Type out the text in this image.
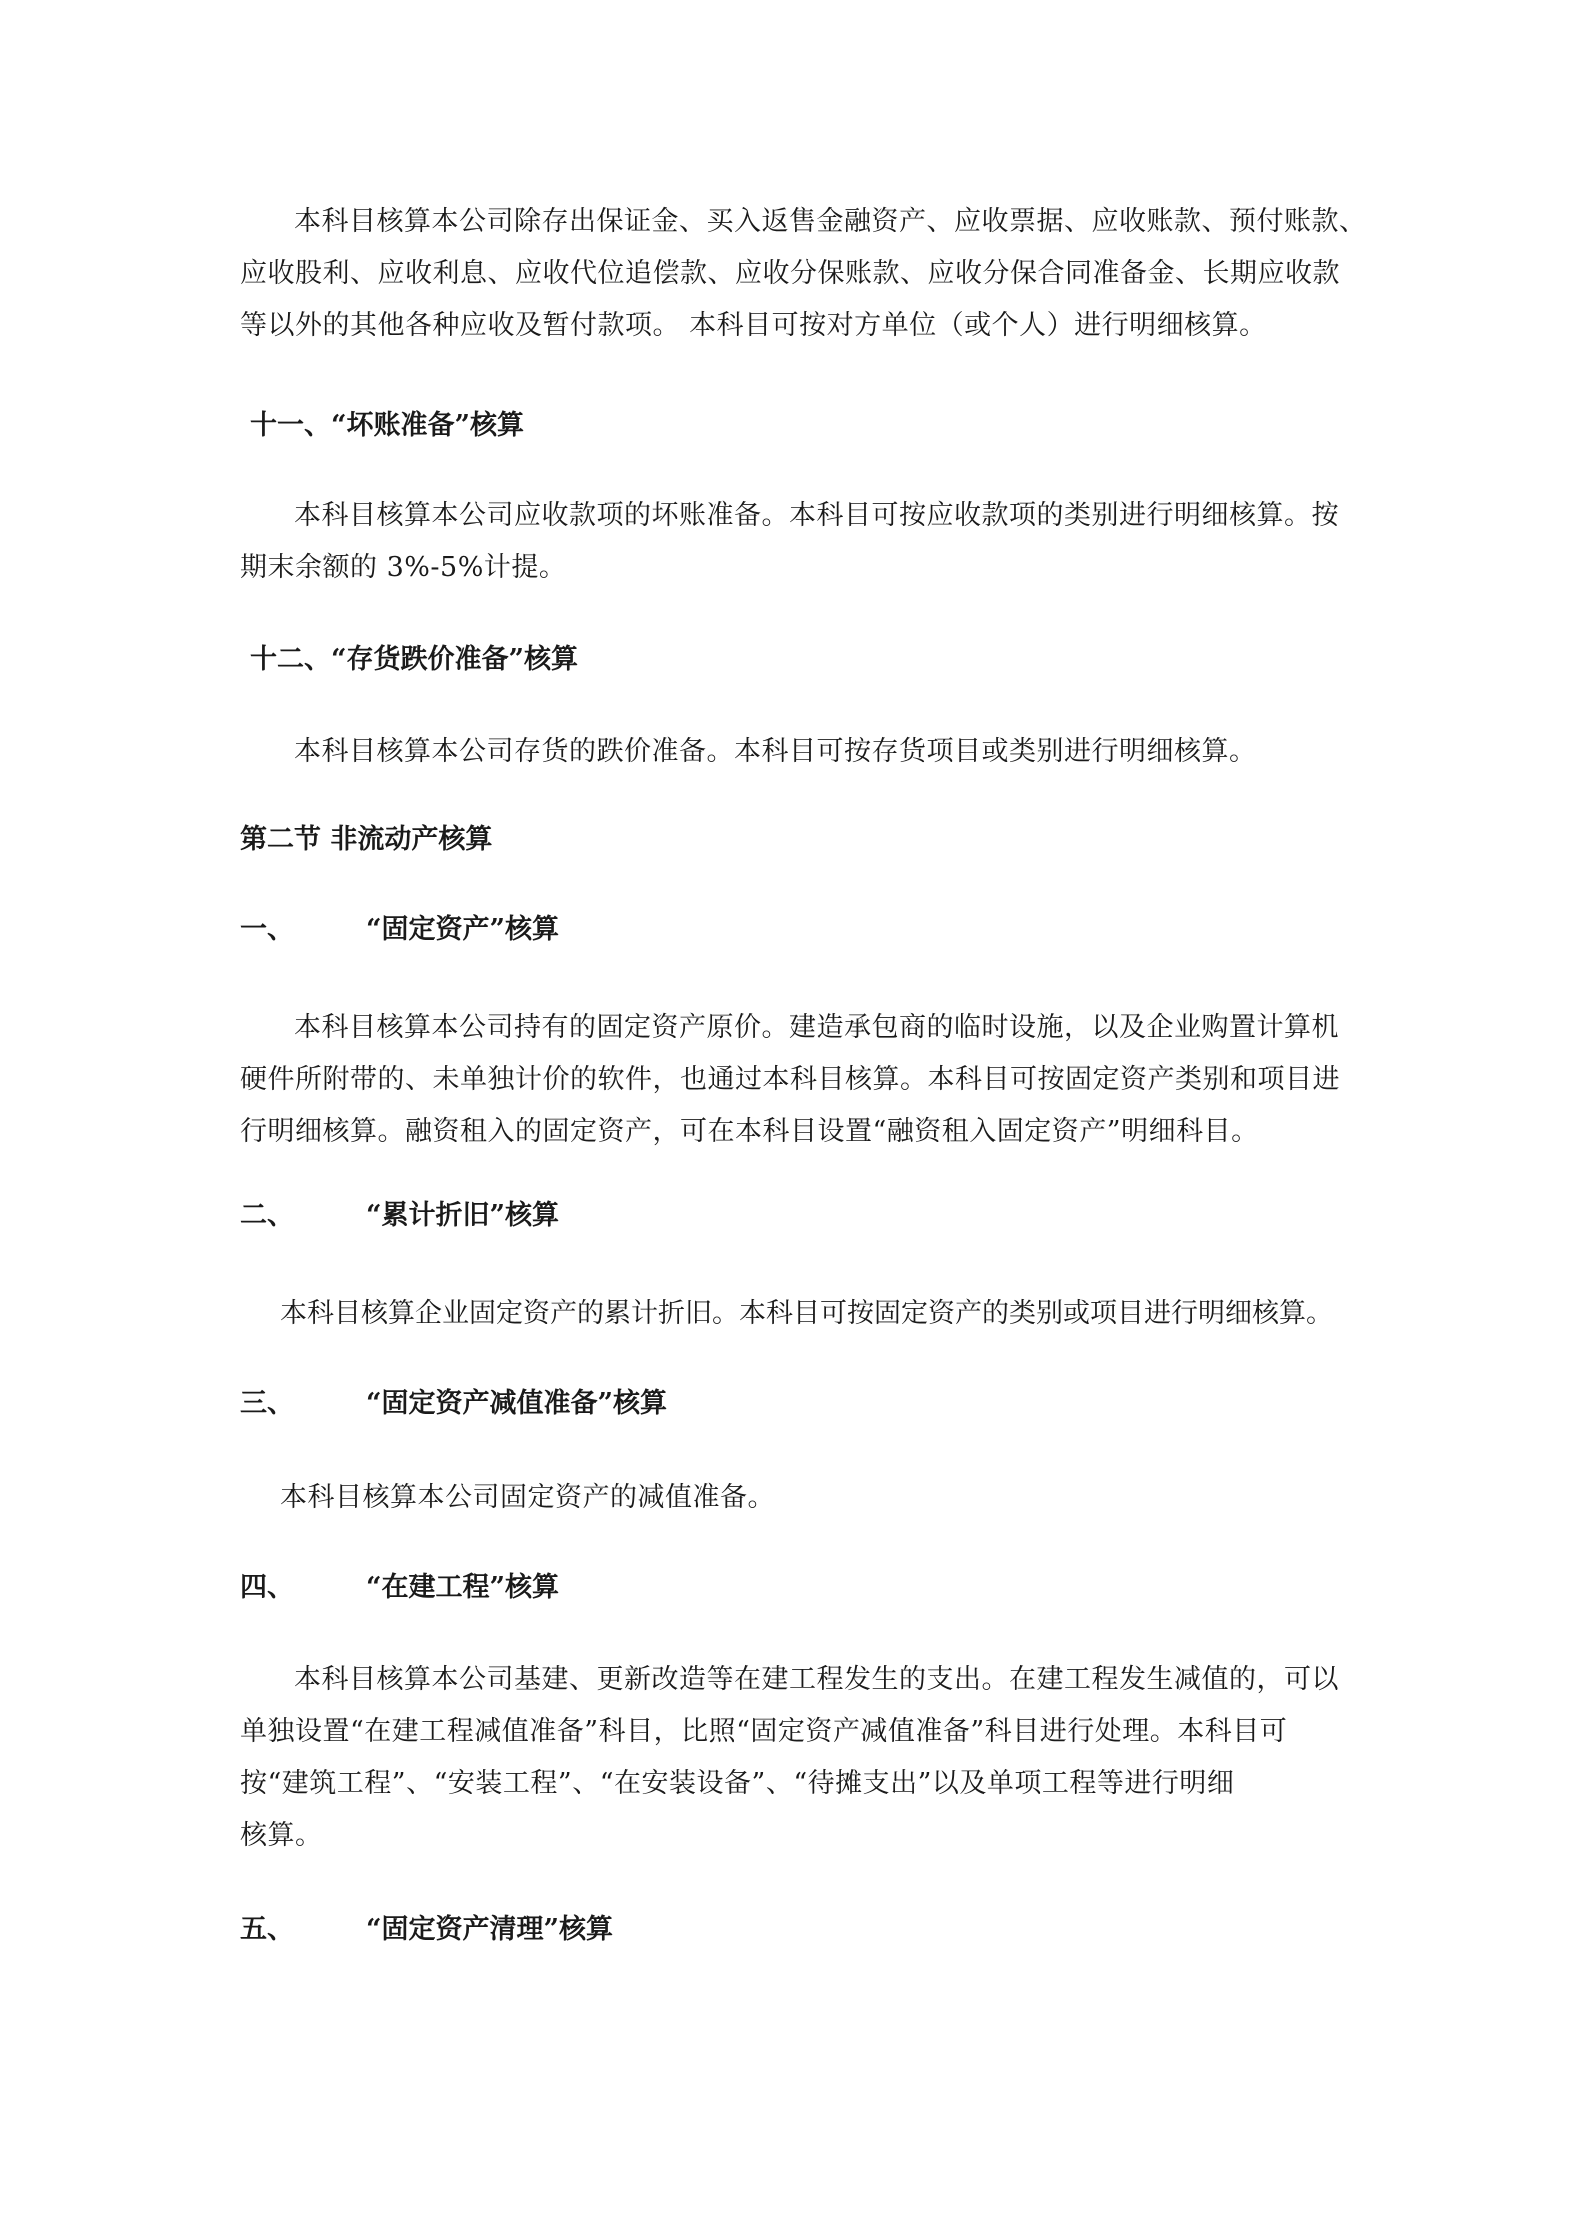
本科目核算本公司除存出保证金、买入返售金融资产、应收票据、应收账款、预付账款、
应收股利、应收利息、应收代位追偿款、应收分保账款、应收分保合同准备金、长期应收款
等以外的其他各种应收及暂付款项。 本科目可按对方单位（或个人）进行明细核算。
十一、“坏账准备”核算
本科目核算本公司应收款项的坏账准备。本科目可按应收款项的类别进行明细核算。按
期末余额的 3%-5%计提。
十二、“存货跌价准备”核算
本科目核算本公司存货的跌价准备。本科目可按存货项目或类别进行明细核算。
第二节 非流动产核算
一、	“固定资产”核算
本科目核算本公司持有的固定资产原价。建造承包商的临时设施，以及企业购置计算机
硬件所附带的、未单独计价的软件，也通过本科目核算。本科目可按固定资产类别和项目进
行明细核算。融资租入的固定资产，可在本科目设置“融资租入固定资产”明细科目。
二、	“累计折旧”核算
本科目核算企业固定资产的累计折旧。本科目可按固定资产的类别或项目进行明细核算。
三、	“固定资产减值准备”核算
本科目核算本公司固定资产的减值准备。
四、	“在建工程”核算
本科目核算本公司基建、更新改造等在建工程发生的支出。在建工程发生减值的，可以
单独设置“在建工程减值准备”科目，比照“固定资产减值准备”科目进行处理。本科目可
按“建筑工程”、“安装工程”、“在安装设备”、“待摊支出”以及单项工程等进行明细
核算。
五、	“固定资产清理”核算
